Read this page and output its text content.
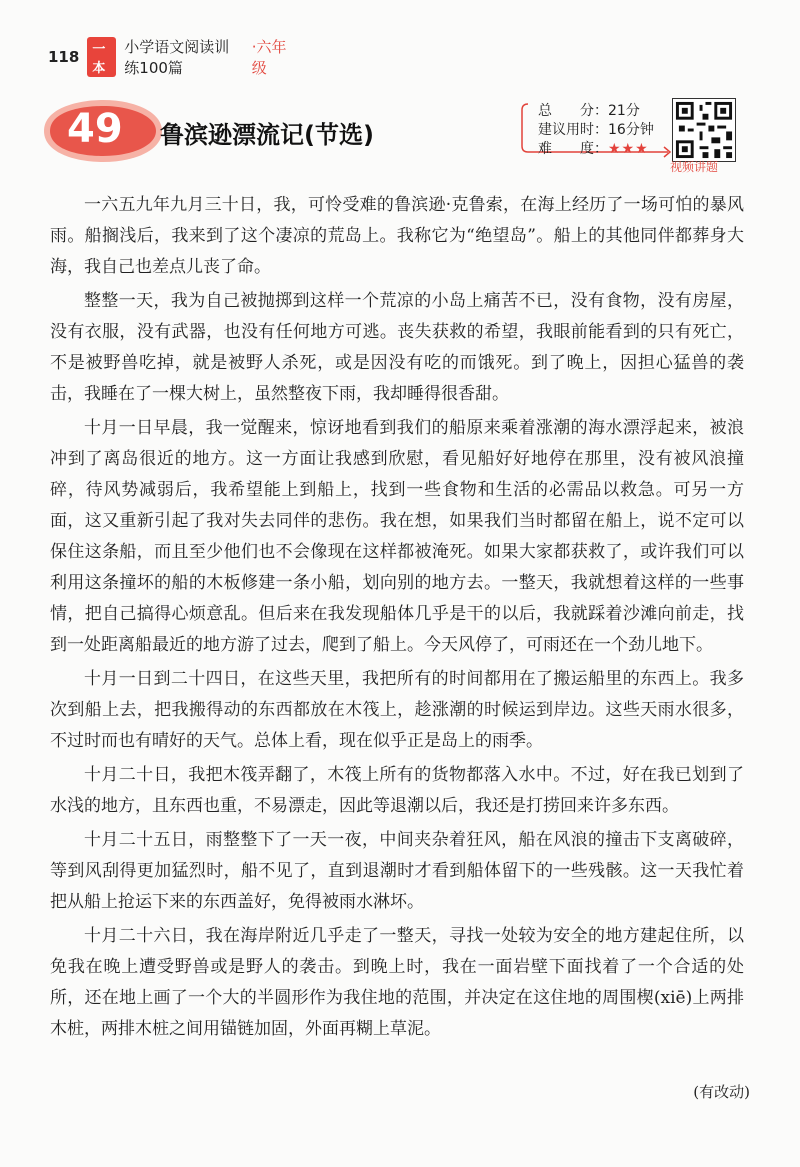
118	一本
小学语文阅读训练100篇
·六年级
49 鲁滨逊漂流记(节选)
总　　分：21分
建议用时：16分钟
难　　度：★★★
视频讲题

一六五九年九月三十日，我，可怜受难的鲁滨逊·克鲁索，在海上经历了一场可怕的暴风雨。船搁浅后，我来到了这个凄凉的荒岛上。我称它为“绝望岛”。船上的其他同伴都葬身大海，我自己也差点儿丧了命。

整整一天，我为自己被抛掷到这样一个荒凉的小岛上痛苦不已，没有食物，没有房屋，没有衣服，没有武器，也没有任何地方可逃。丧失获救的希望，我眼前能看到的只有死亡，不是被野兽吃掉，就是被野人杀死，或是因没有吃的而饿死。到了晚上，因担心猛兽的袭击，我睡在了一棵大树上，虽然整夜下雨，我却睡得很香甜。

十月一日早晨，我一觉醒来，惊讶地看到我们的船原来乘着涨潮的海水漂浮起来，被浪冲到了离岛很近的地方。这一方面让我感到欣慰，看见船好好地停在那里，没有被风浪撞碎，待风势减弱后，我希望能上到船上，找到一些食物和生活的必需品以救急。可另一方面，这又重新引起了我对失去同伴的悲伤。我在想，如果我们当时都留在船上，说不定可以保住这条船，而且至少他们也不会像现在这样都被淹死。如果大家都获救了，或许我们可以利用这条撞坏的船的木板修建一条小船，划向别的地方去。一整天，我就想着这样的一些事情，把自己搞得心烦意乱。但后来在我发现船体几乎是干的以后，我就踩着沙滩向前走，找到一处距离船最近的地方游了过去，爬到了船上。今天风停了，可雨还在一个劲儿地下。

十月一日到二十四日，在这些天里，我把所有的时间都用在了搬运船里的东西上。我多次到船上去，把我搬得动的东西都放在木筏上，趁涨潮的时候运到岸边。这些天雨水很多，不过时而也有晴好的天气。总体上看，现在似乎正是岛上的雨季。

十月二十日，我把木筏弄翻了，木筏上所有的货物都落入水中。不过，好在我已划到了水浅的地方，且东西也重，不易漂走，因此等退潮以后，我还是打捞回来许多东西。

十月二十五日，雨整整下了一天一夜，中间夹杂着狂风，船在风浪的撞击下支离破碎，等到风刮得更加猛烈时，船不见了，直到退潮时才看到船体留下的一些残骸。这一天我忙着把从船上抢运下来的东西盖好，免得被雨水淋坏。

十月二十六日，我在海岸附近几乎走了一整天，寻找一处较为安全的地方建起住所，以免我在晚上遭受野兽或是野人的袭击。到晚上时，我在一面岩壁下面找着了一个合适的处所，还在地上画了一个大的半圆形作为我住地的范围，并决定在这住地的周围楔(xiē)上两排木桩，两排木桩之间用锚链加固，外面再糊上草泥。

(有改动)
